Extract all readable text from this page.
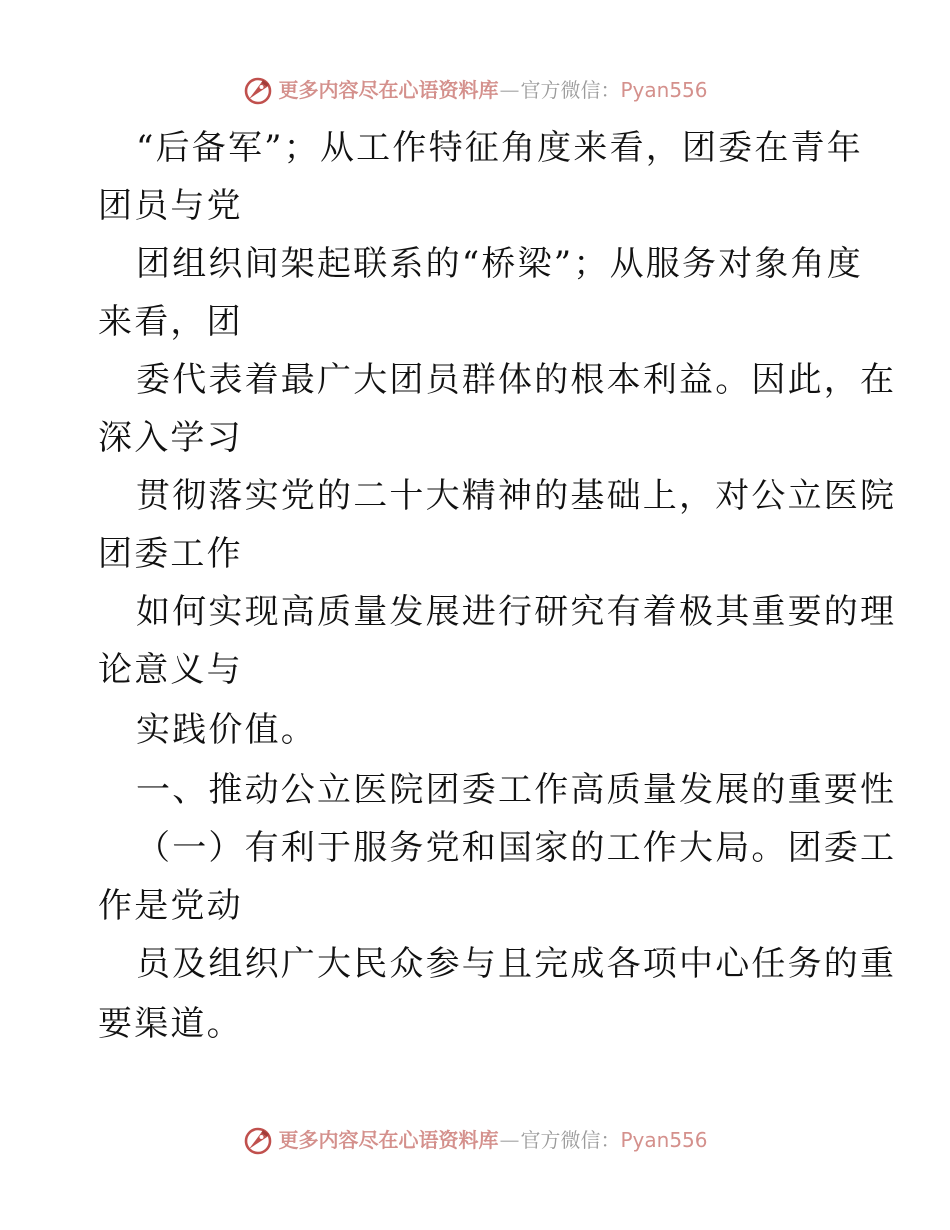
更多内容尽在心语资料库 — 官方微信： Pyan556
“后备军”；从工作特征角度来看，团委在青年
团员与党
团组织间架起联系的“桥梁”；从服务对象角度
来看，团
委代表着最广大团员群体的根本利益。因此，在
深入学习
贯彻落实党的二十大精神的基础上，对公立医院
团委工作
如何实现高质量发展进行研究有着极其重要的理
论意义与
实践价值。
一、推动公立医院团委工作高质量发展的重要性
（一）有利于服务党和国家的工作大局。团委工
作是党动
员及组织广大民众参与且完成各项中心任务的重
要渠道。
更多内容尽在心语资料库 — 官方微信： Pyan556
